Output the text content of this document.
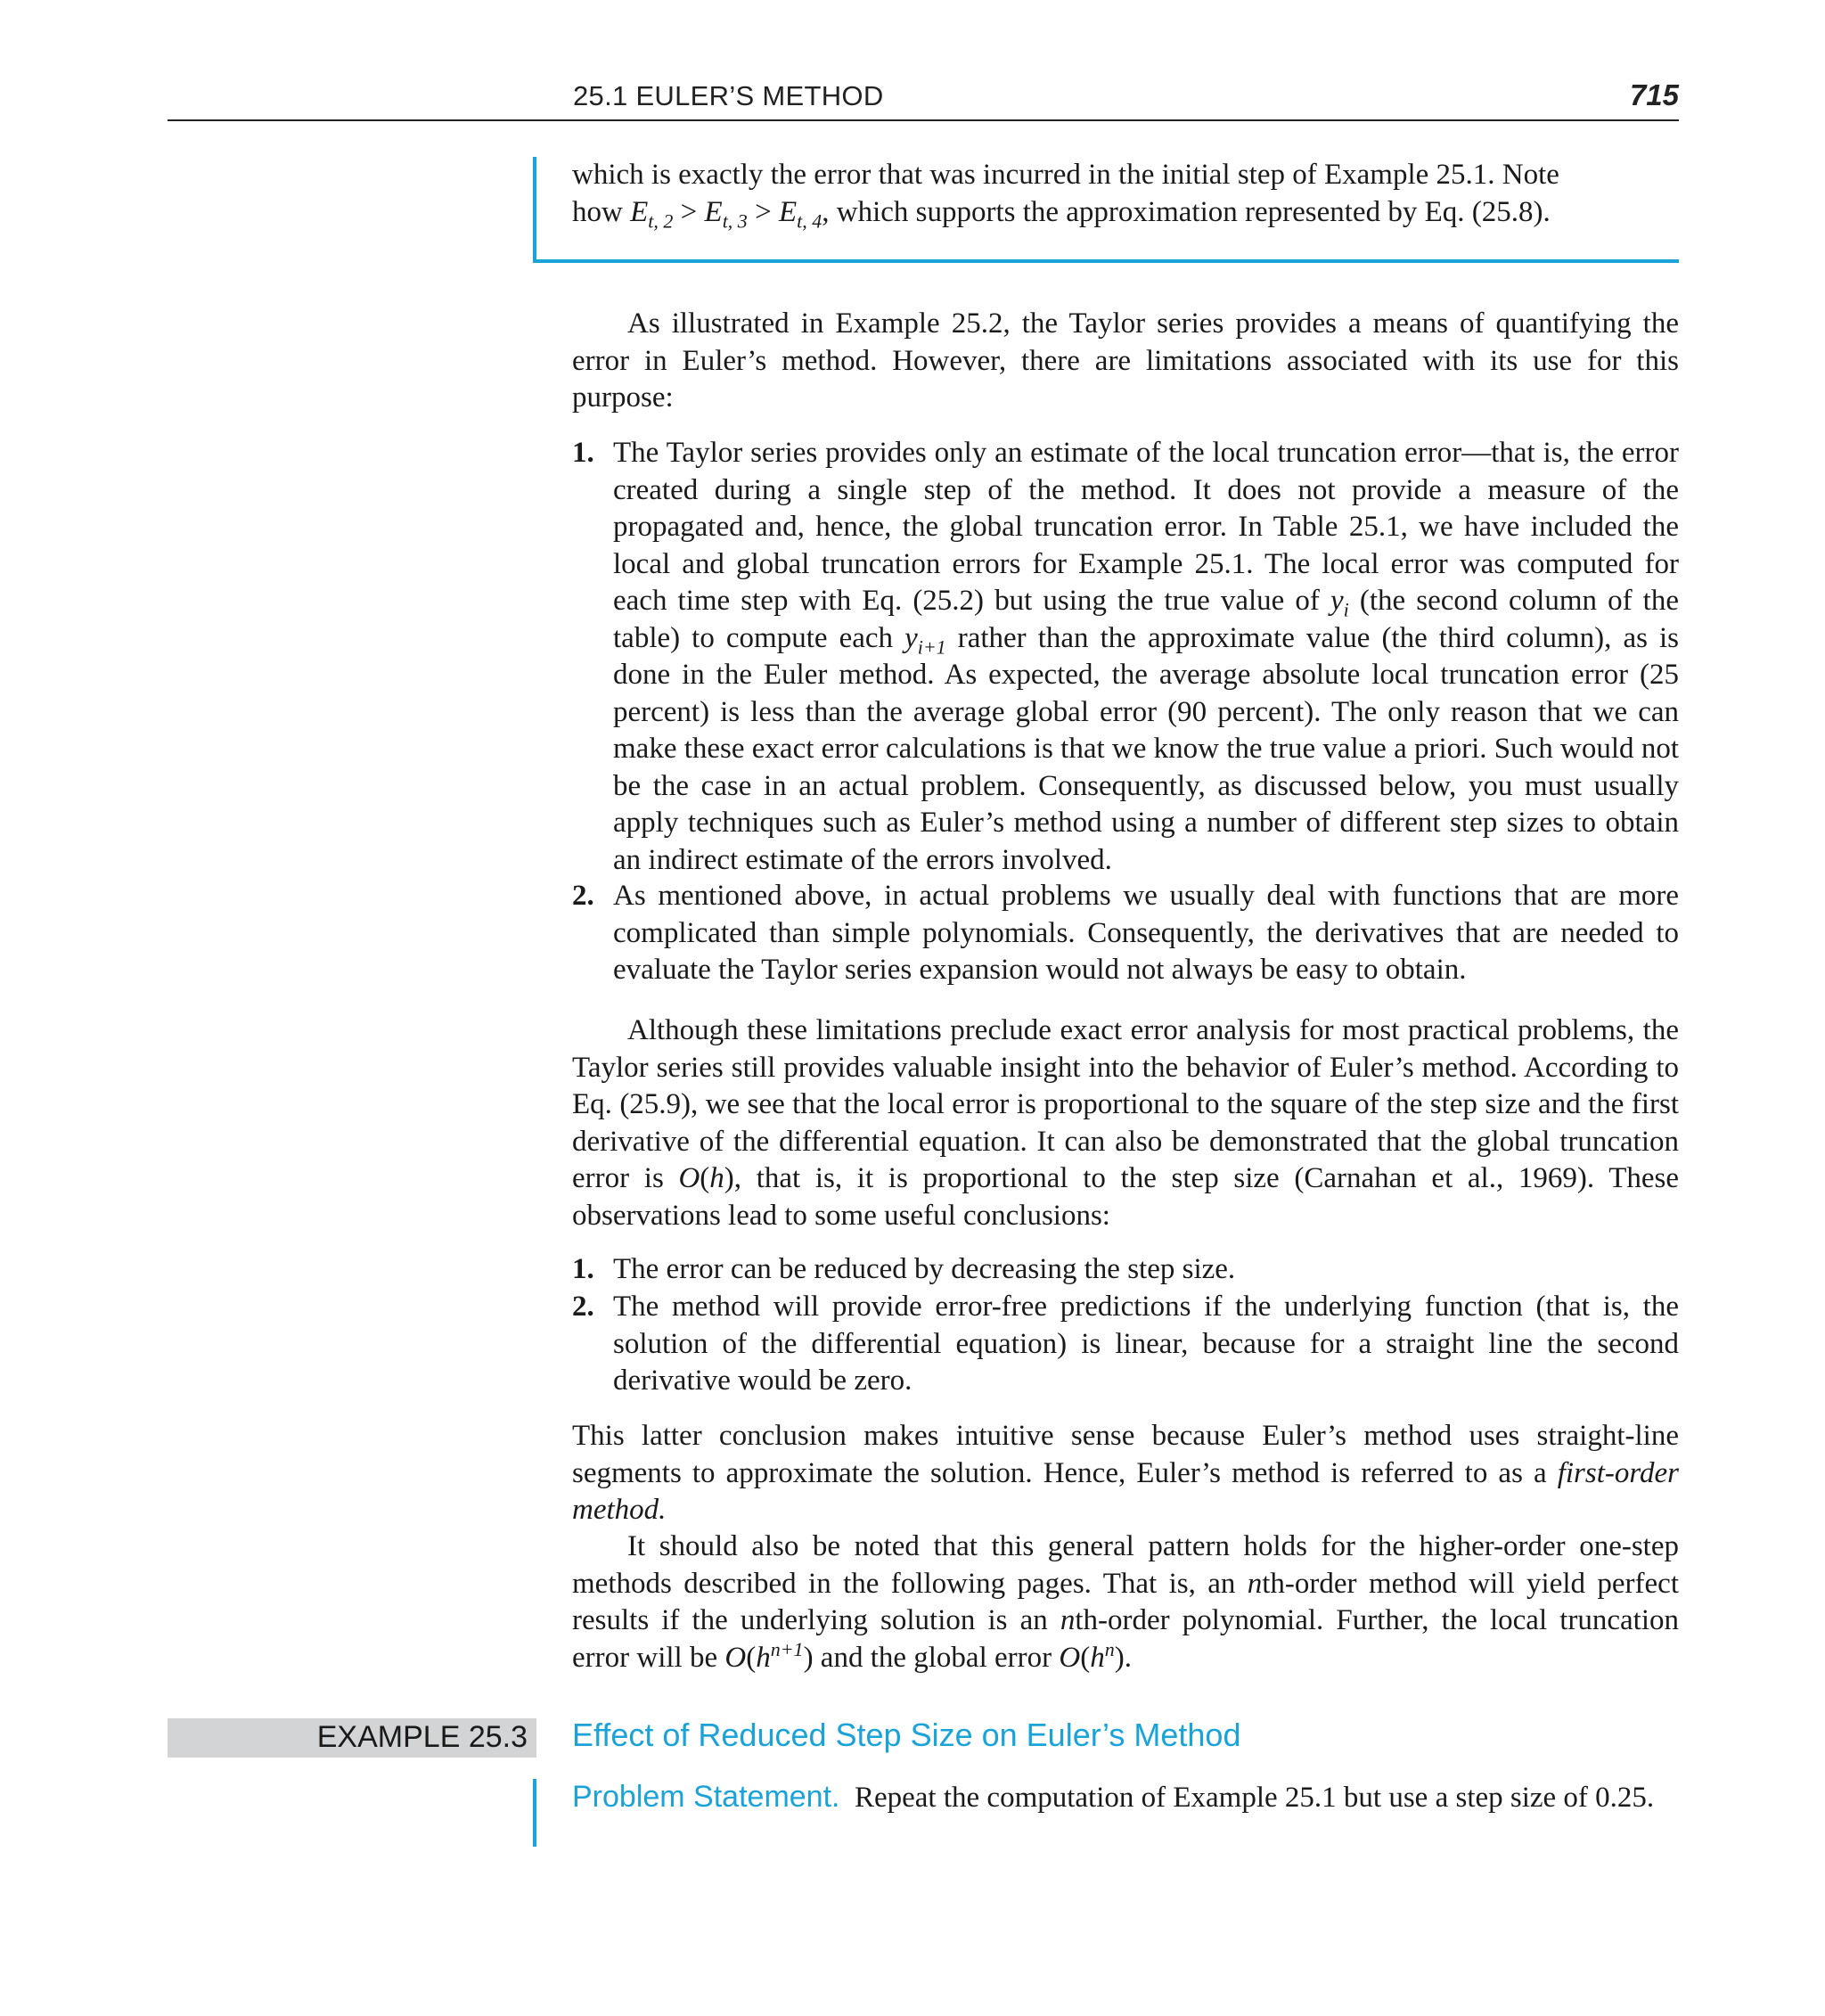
25.1 EULER’S METHOD	715

which is exactly the error that was incurred in the initial step of Example 25.1. Note
how $E_{t, 2} > E_{t, 3} > E_{t, 4}$, which supports the approximation represented by Eq. (25.8).

As illustrated in Example 25.2, the Taylor series provides a means of quantifying the error in Euler’s method. However, there are limitations associated with its use for this purpose:

1. The Taylor series provides only an estimate of the local truncation error—that is, the error created during a single step of the method. It does not provide a measure of the propagated and, hence, the global truncation error. In Table 25.1, we have included the local and global truncation errors for Example 25.1. The local error was computed for each time step with Eq. (25.2) but using the true value of $y_i$ (the second column of the table) to compute each $y_{i+1}$ rather than the approximate value (the third column), as is done in the Euler method. As expected, the average absolute local truncation error (25 percent) is less than the average global error (90 percent). The only reason that we can make these exact error calculations is that we know the true value a priori. Such would not be the case in an actual problem. Consequently, as discussed below, you must usually apply techniques such as Euler’s method using a number of different step sizes to obtain an indirect estimate of the errors involved.
2. As mentioned above, in actual problems we usually deal with functions that are more complicated than simple polynomials. Consequently, the derivatives that are needed to evaluate the Taylor series expansion would not always be easy to obtain.

Although these limitations preclude exact error analysis for most practical problems, the Taylor series still provides valuable insight into the behavior of Euler’s method. According to Eq. (25.9), we see that the local error is proportional to the square of the step size and the first derivative of the differential equation. It can also be demonstrated that the global truncation error is O(h), that is, it is proportional to the step size (Carnahan et al., 1969). These observations lead to some useful conclusions:

1. The error can be reduced by decreasing the step size.
2. The method will provide error-free predictions if the underlying function (that is, the solution of the differential equation) is linear, because for a straight line the second derivative would be zero.

This latter conclusion makes intuitive sense because Euler’s method uses straight-line segments to approximate the solution. Hence, Euler’s method is referred to as a first-order method.

It should also be noted that this general pattern holds for the higher-order one-step methods described in the following pages. That is, an nth-order method will yield perfect results if the underlying solution is an nth-order polynomial. Further, the local truncation error will be $O(h^{n+1})$ and the global error $O(h^n)$.

EXAMPLE 25.3 Effect of Reduced Step Size on Euler’s Method

Problem Statement.  Repeat the computation of Example 25.1 but use a step size of 0.25.
